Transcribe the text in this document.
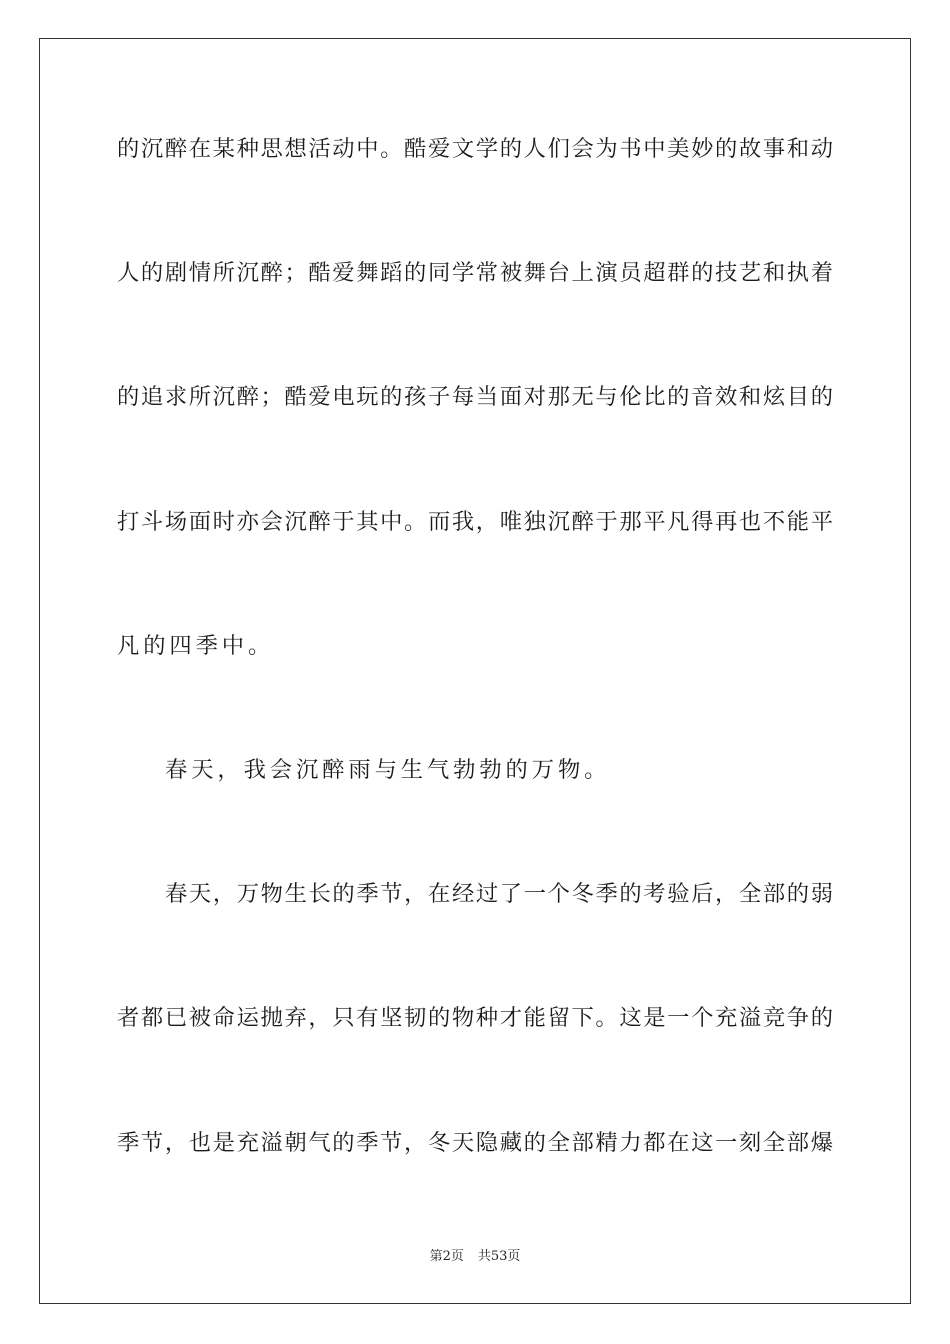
的沉醉在某种思想活动中。酷爱文学的人们会为书中美妙的故事和动
人的剧情所沉醉；酷爱舞蹈的同学常被舞台上演员超群的技艺和执着
的追求所沉醉；酷爱电玩的孩子每当面对那无与伦比的音效和炫目的
打斗场面时亦会沉醉于其中。而我，唯独沉醉于那平凡得再也不能平
凡的四季中。
春天，我会沉醉雨与生气勃勃的万物。
春天，万物生长的季节，在经过了一个冬季的考验后，全部的弱
者都已被命运抛弃，只有坚韧的物种才能留下。这是一个充溢竞争的
季节，也是充溢朝气的季节，冬天隐藏的全部精力都在这一刻全部爆
第2页 共53页
